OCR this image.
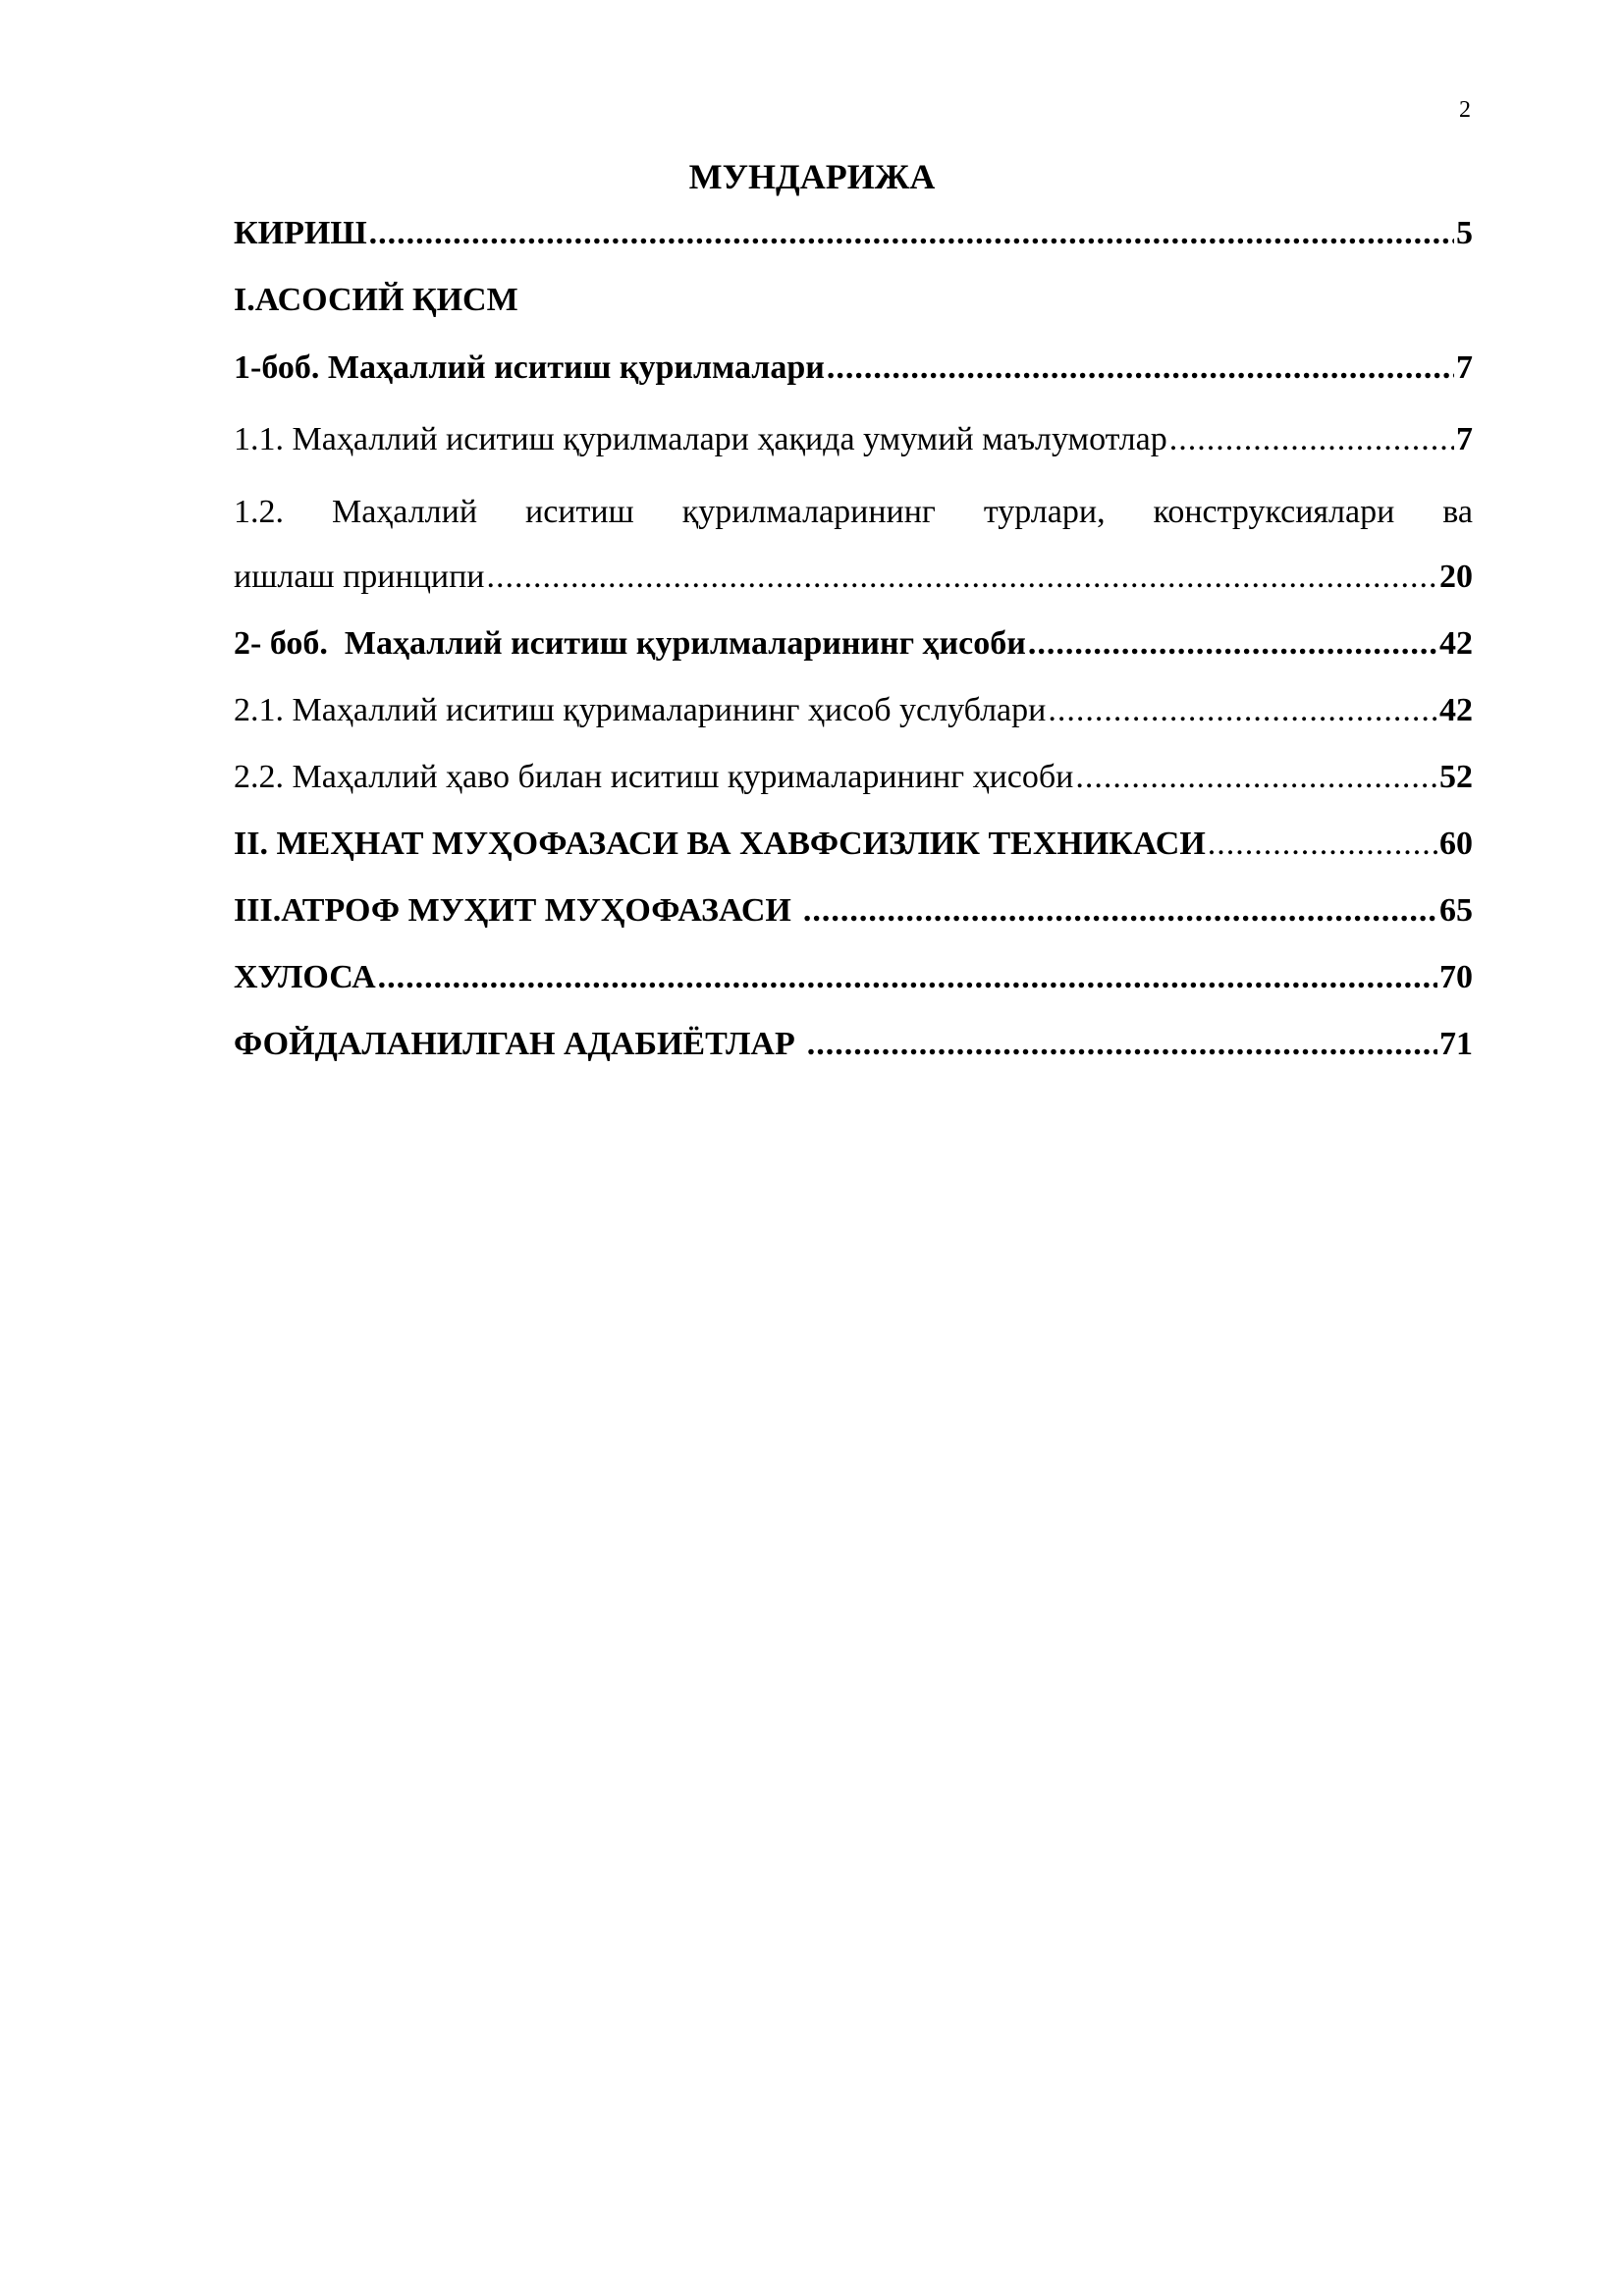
2
МУНДАРИЖА
КИРИШ .....	5
I.АСОСИЙ ҚИСМ
1-боб. Маҳаллий иситиш қурилмалари .....	7
1.1. Маҳаллий иситиш қурилмалари ҳақида умумий маълумотлар .....	7
1.2. Маҳаллий иситиш қурилмаларининг турлари, конструксиялари ва
ишлаш принципи .....	20
2- боб.  Маҳаллий иситиш қурилмаларининг ҳисоби .....	42
2.1. Маҳаллий иситиш қурималарининг ҳисоб услублари .....	42
2.2. Маҳаллий ҳаво билан иситиш қурималарининг ҳисоби .....	52
II. МЕҲНАТ МУҲОФАЗАСИ ВА ХАВФСИЗЛИК ТЕХНИКАСИ .....	60
III.АТРОФ МУҲИТ МУҲОФАЗАСИ .....	65
ХУЛОСА .....	70
ФОЙДАЛАНИЛГАН АДАБИЁТЛАР .....	71
